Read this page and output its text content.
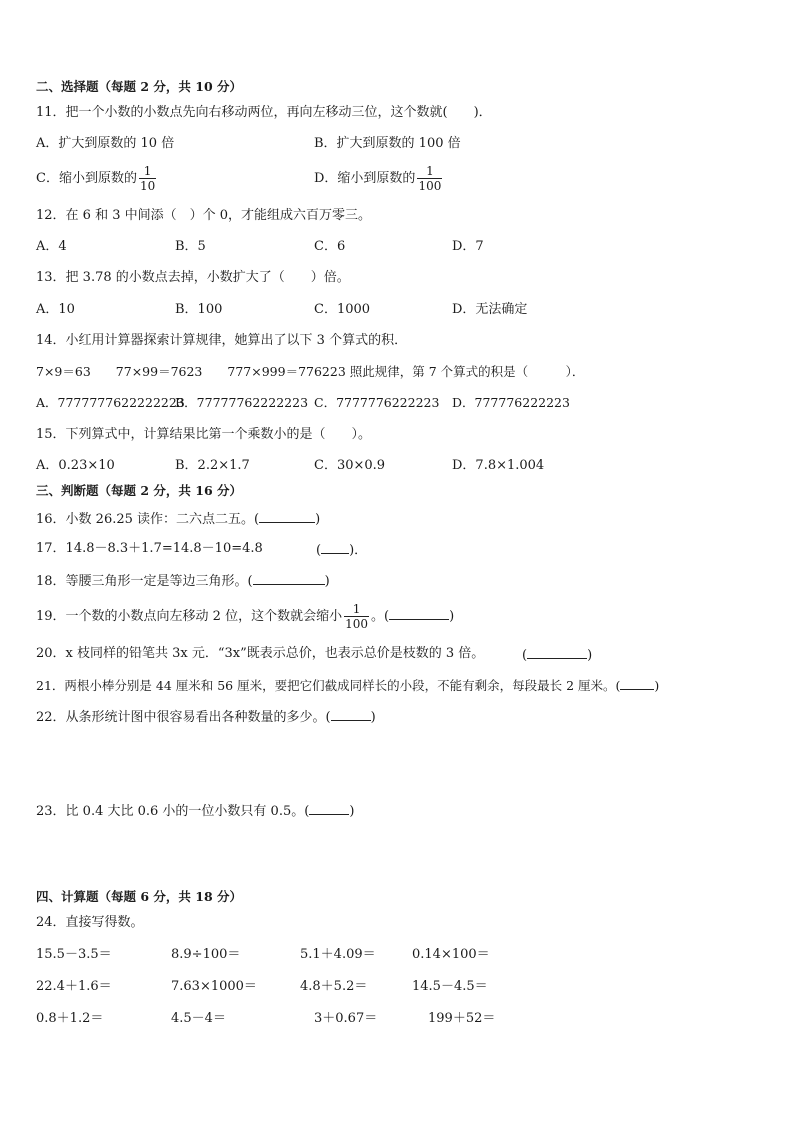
二、选择题（每题 2 分，共 10 分）
11．把一个小数的小数点先向右移动两位，再向左移动三位，这个数就(　　)．
A．扩大到原数的 10 倍	B．扩大到原数的 100 倍
C．缩小到原数的 $\frac{1}{10}$	D．缩小到原数的 $\frac{1}{100}$
12．在 6 和 3 中间添（　）个 0，才能组成六百万零三。
A．4	B．5	C．6	D．7
13．把 3.78 的小数点去掉，小数扩大了（　　）倍。
A．10	B．100	C．1000	D．无法确定
14．小红用计算器探索计算规律，她算出了以下 3 个算式的积．
7×9＝63　　77×99＝7623　　777×999＝776223 照此规律，第 7 个算式的积是（　　　）．
A．7777777622222223
B．77777762222223 C．7777776222223 D．777776222223
15．下列算式中，计算结果比第一个乘数小的是（　　）。
A．0.23×10	B．2.2×1.7	C．30×0.9	D．7.8×1.004
三、判断题（每题 2 分，共 16 分）
16．小数 26.25 读作：二六点二五。(	)
17．14.8－8.3＋1.7=14.8－10=4.8	( )．
18．等腰三角形一定是等边三角形。(	)
19．一个数的小数点向左移动 2 位，这个数就会缩小 $\frac{1}{100}$ 。(	)
20．x 枝同样的铅笔共 3x 元．“3x”既表示总价，也表示总价是枝数的 3 倍。	(	)
21．两根小棒分别是 44 厘米和 56 厘米，要把它们截成同样长的小段，不能有剩余，每段最长 2 厘米。(	)
22．从条形统计图中很容易看出各种数量的多少。(	)
23．比 0.4 大比 0.6 小的一位小数只有 0.5。(	)
四、计算题（每题 6 分，共 18 分）
24．直接写得数。
15.5－3.5＝	8.9÷100＝	5.1＋4.09＝	0.14×100＝
22.4＋1.6＝	7.63×1000＝	4.8＋5.2＝	14.5－4.5＝
0.8＋1.2＝	4.5－4＝	3＋0.67＝	199＋52＝
